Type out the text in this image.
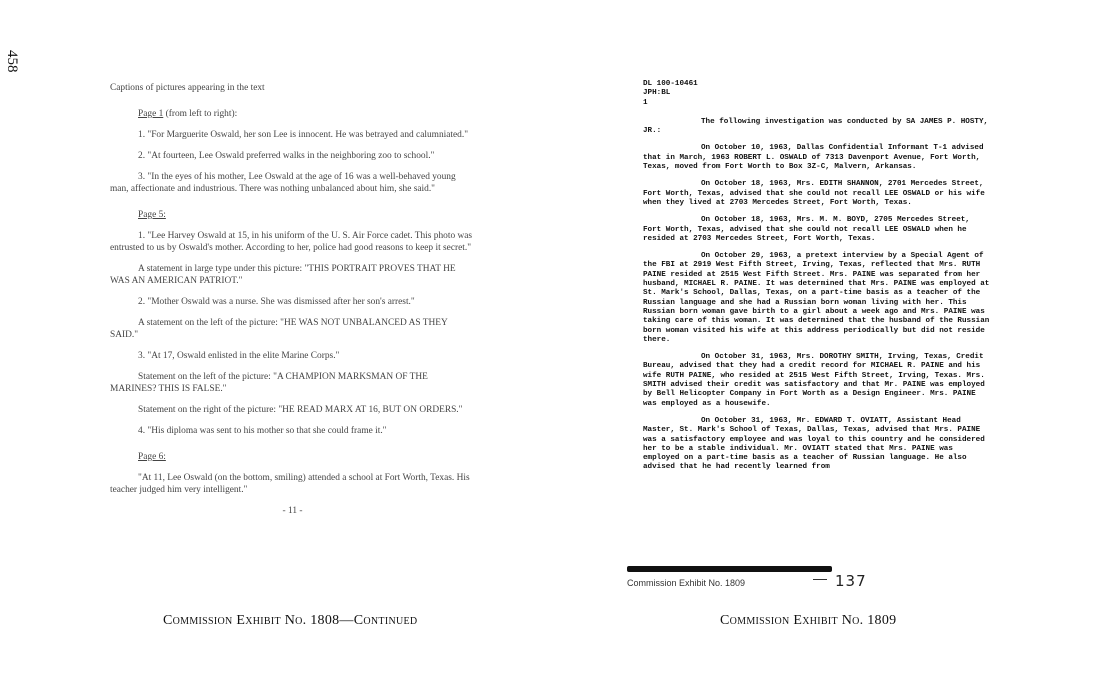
458

Captions of pictures appearing in the text

Page 1 (from left to right):

1. "For Marguerite Oswald, her son Lee is innocent. He was betrayed and calumniated."

2. "At fourteen, Lee Oswald preferred walks in the neighboring zoo to school."

3. "In the eyes of his mother, Lee Oswald at the age of 16 was a well-behaved young man, affectionate and industrious. There was nothing unbalanced about him, she said."

Page 5:

1. "Lee Harvey Oswald at 15, in his uniform of the U. S. Air Force cadet. This photo was entrusted to us by Oswald's mother. According to her, police had good reasons to keep it secret."

A statement in large type under this picture: "THIS PORTRAIT PROVES THAT HE WAS AN AMERICAN PATRIOT."

2. "Mother Oswald was a nurse. She was dismissed after her son's arrest."

A statement on the left of the picture: "HE WAS NOT UNBALANCED AS THEY SAID."

3. "At 17, Oswald enlisted in the elite Marine Corps."

Statement on the left of the picture: "A CHAMPION MARKSMAN OF THE MARINES? THIS IS FALSE."

Statement on the right of the picture: "HE READ MARX AT 16, BUT ON ORDERS."

4. "His diploma was sent to his mother so that she could frame it."

Page 6:

"At 11, Lee Oswald (on the bottom, smiling) attended a school at Fort Worth, Texas. His teacher judged him very intelligent."

- 11 -

DL 100-10461

JPH:BL

1

The following investigation was conducted by SA JAMES P. HOSTY, JR.:

On October 10, 1963, Dallas Confidential Informant T-1 advised that in March, 1963 ROBERT L. OSWALD of 7313 Davenport Avenue, Fort Worth, Texas, moved from Fort Worth to Box 3Z-C, Malvern, Arkansas.

On October 18, 1963, Mrs. EDITH SHANNON, 2701 Mercedes Street, Fort Worth, Texas, advised that she could not recall LEE OSWALD or his wife when they lived at 2703 Mercedes Street, Fort Worth, Texas.

On October 18, 1963, Mrs. M. M. BOYD, 2705 Mercedes Street, Fort Worth, Texas, advised that she could not recall LEE OSWALD when he resided at 2703 Mercedes Street, Fort Worth, Texas.

On October 29, 1963, a pretext interview by a Special Agent of the FBI at 2919 West Fifth Street, Irving, Texas, reflected that Mrs. RUTH PAINE resided at 2515 West Fifth Street. Mrs. PAINE was separated from her husband, MICHAEL R. PAINE. It was determined that Mrs. PAINE was employed at St. Mark's School, Dallas, Texas, on a part-time basis as a teacher of the Russian language and she had a Russian born woman living with her. This Russian born woman gave birth to a girl about a week ago and Mrs. PAINE was taking care of this woman. It was determined that the husband of the Russian born woman visited his wife at this address periodically but did not reside there.

On October 31, 1963, Mrs. DOROTHY SMITH, Irving, Texas, Credit Bureau, advised that they had a credit record for MICHAEL R. PAINE and his wife RUTH PAINE, who resided at 2515 West Fifth Street, Irving, Texas. Mrs. SMITH advised their credit was satisfactory and that Mr. PAINE was employed by Bell Helicopter Company in Fort Worth as a Design Engineer. Mrs. PAINE was employed as a housewife.

On October 31, 1963, Mr. EDWARD T. OVIATT, Assistant Head Master, St. Mark's School of Texas, Dallas, Texas, advised that Mrs. PAINE was a satisfactory employee and was loyal to this country and he considered her to be a stable individual. Mr. OVIATT stated that Mrs. PAINE was employed on a part-time basis as a teacher of Russian language. He also advised that he had recently learned from

Commission Exhibit No. 1809	— 137
Commission Exhibit No. 1808—Continued	Commission Exhibit No. 1809
